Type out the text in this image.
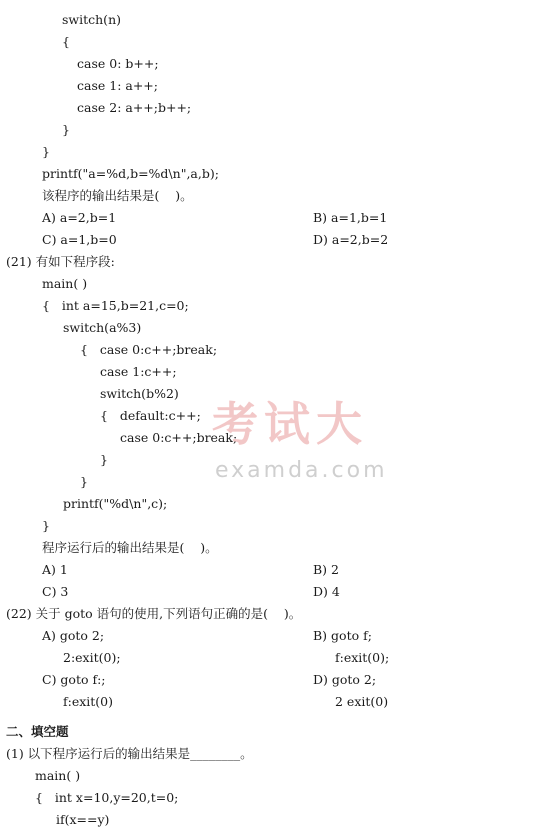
switch(n)
{
case 0: b++;
case 1: a++;
case 2: a++;b++;
}
}
printf("a=%d,b=%d\n",a,b);
该程序的输出结果是(    )。
A) a=2,b=1	B) a=1,b=1
C) a=1,b=0	D) a=2,b=2
(21) 有如下程序段:
main( )
{   int a=15,b=21,c=0;
switch(a%3)
{   case 0:c++;break;
case 1:c++;
switch(b%2)
{   default:c++;
case 0:c++;break;
}
}
printf("%d\n",c);
}
程序运行后的输出结果是(    )。
A) 1	B) 2
C) 3	D) 4
(22) 关于 goto 语句的使用,下列语句正确的是(    )。
A) goto 2;	B) goto f;
2:exit(0);	f:exit(0);
C) goto f:;	D) goto 2;
f:exit(0)	2 exit(0)
二、填空题
(1) 以下程序运行后的输出结果是________。
main( )
{   int x=10,y=20,t=0;
if(x==y)
考试大
examda.com
